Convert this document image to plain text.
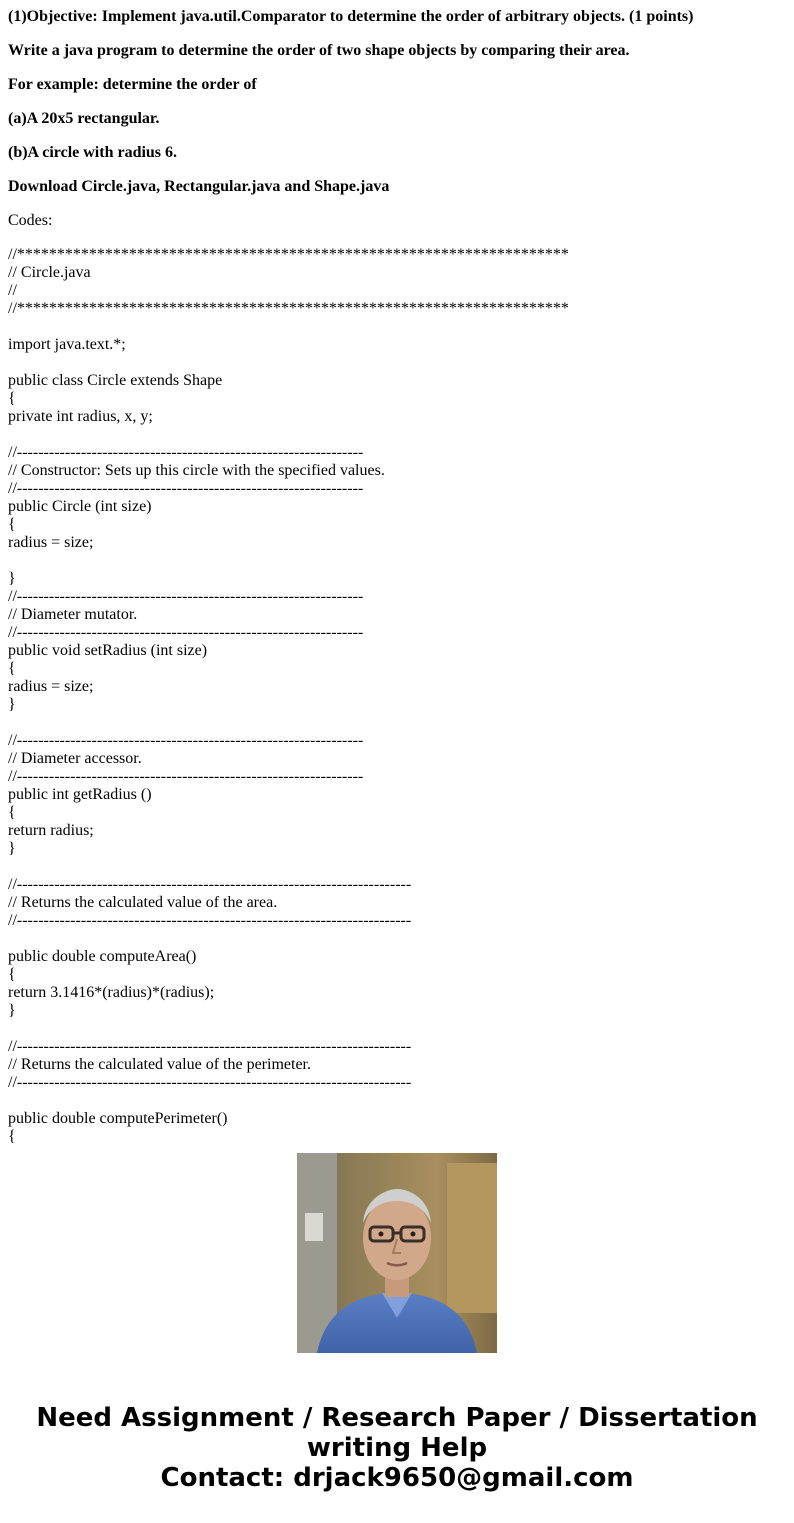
(1)Objective: Implement java.util.Comparator to determine the order of arbitrary objects. (1 points)

Write a java program to determine the order of two shape objects by comparing their area.

For example: determine the order of

(a)A 20x5 rectangular.

(b)A circle with radius 6.

Download Circle.java, Rectangular.java and Shape.java

Codes:

//*********************************************************************
// Circle.java
//
//*********************************************************************
import java.text.*;
public class Circle extends Shape
{
private int radius, x, y;
//-----------------------------------------------------------------
// Constructor: Sets up this circle with the specified values.
//-----------------------------------------------------------------
public Circle (int size)
{
radius = size;
}
//-----------------------------------------------------------------
// Diameter mutator.
//-----------------------------------------------------------------
public void setRadius (int size)
{
radius = size;
}
//-----------------------------------------------------------------
// Diameter accessor.
//-----------------------------------------------------------------
public int getRadius ()
{
return radius;
}
//--------------------------------------------------------------------------
// Returns the calculated value of the area.
//--------------------------------------------------------------------------
public double computeArea()
{
return 3.1416*(radius)*(radius);
}
//--------------------------------------------------------------------------
// Returns the calculated value of the perimeter.
//--------------------------------------------------------------------------
public double computePerimeter()
{
Need Assignment / Research Paper / Dissertation
writing Help
Contact: drjack9650@gmail.com
